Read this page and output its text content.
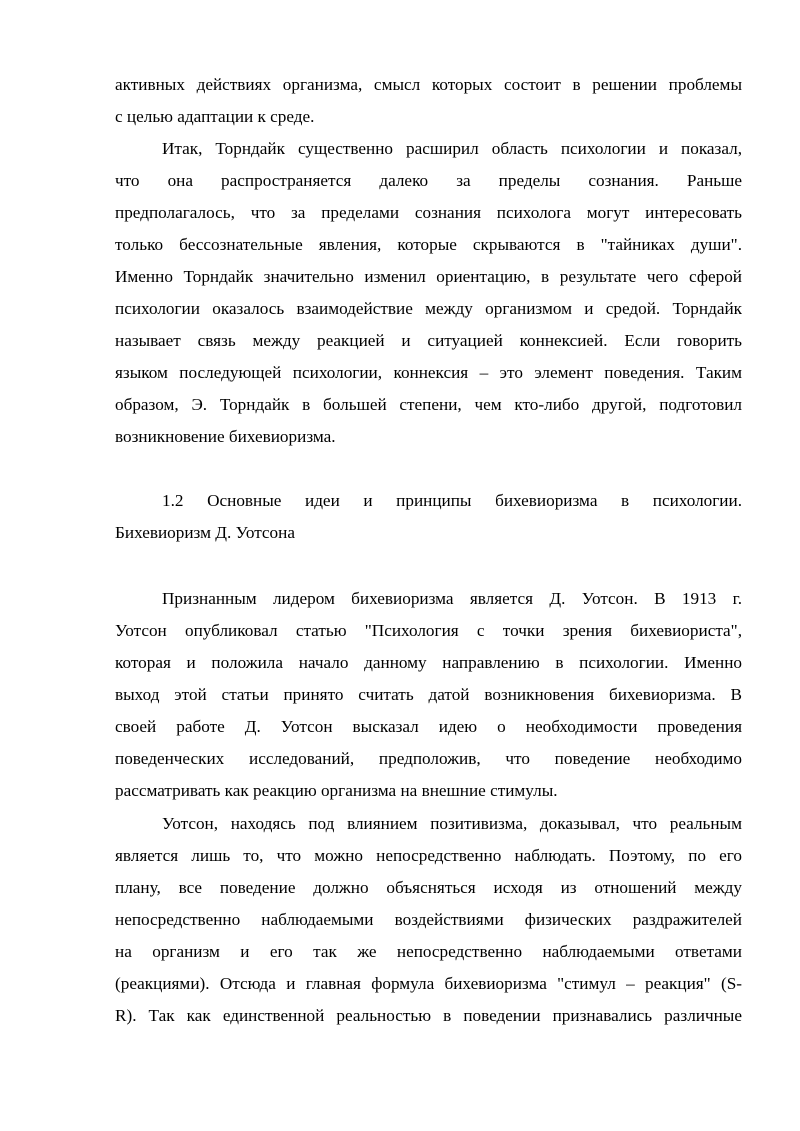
активных действиях организма, смысл которых состоит в решении проблемы
с целью адаптации к среде.
Итак, Торндайк существенно расширил область психологии и показал,
что она распространяется далеко за пределы сознания. Раньше
предполагалось, что за пределами сознания психолога могут интересовать
только бессознательные явления, которые скрываются в "тайниках души".
Именно Торндайк значительно изменил ориентацию, в результате чего сферой
психологии оказалось взаимодействие между организмом и средой. Торндайк
называет связь между реакцией и ситуацией коннексией. Если говорить
языком последующей психологии, коннексия – это элемент поведения. Таким
образом, Э. Торндайк в большей степени, чем кто-либо другой, подготовил
возникновение бихевиоризма.
1.2 Основные идеи и принципы бихевиоризма в психологии.
Бихевиоризм Д. Уотсона
Признанным лидером бихевиоризма является Д. Уотсон. В 1913 г.
Уотсон опубликовал статью "Психология с точки зрения бихевиориста",
которая и положила начало данному направлению в психологии. Именно
выход этой статьи принято считать датой возникновения бихевиоризма. В
своей работе Д. Уотсон высказал идею о необходимости проведения
поведенческих исследований, предположив, что поведение необходимо
рассматривать как реакцию организма на внешние стимулы.
Уотсон, находясь под влиянием позитивизма, доказывал, что реальным
является лишь то, что можно непосредственно наблюдать. Поэтому, по его
плану, все поведение должно объясняться исходя из отношений между
непосредственно наблюдаемыми воздействиями физических раздражителей
на организм и его так же непосредственно наблюдаемыми ответами
(реакциями). Отсюда и главная формула бихевиоризма "стимул – реакция" (S-
R). Так как единственной реальностью в поведении признавались различные
